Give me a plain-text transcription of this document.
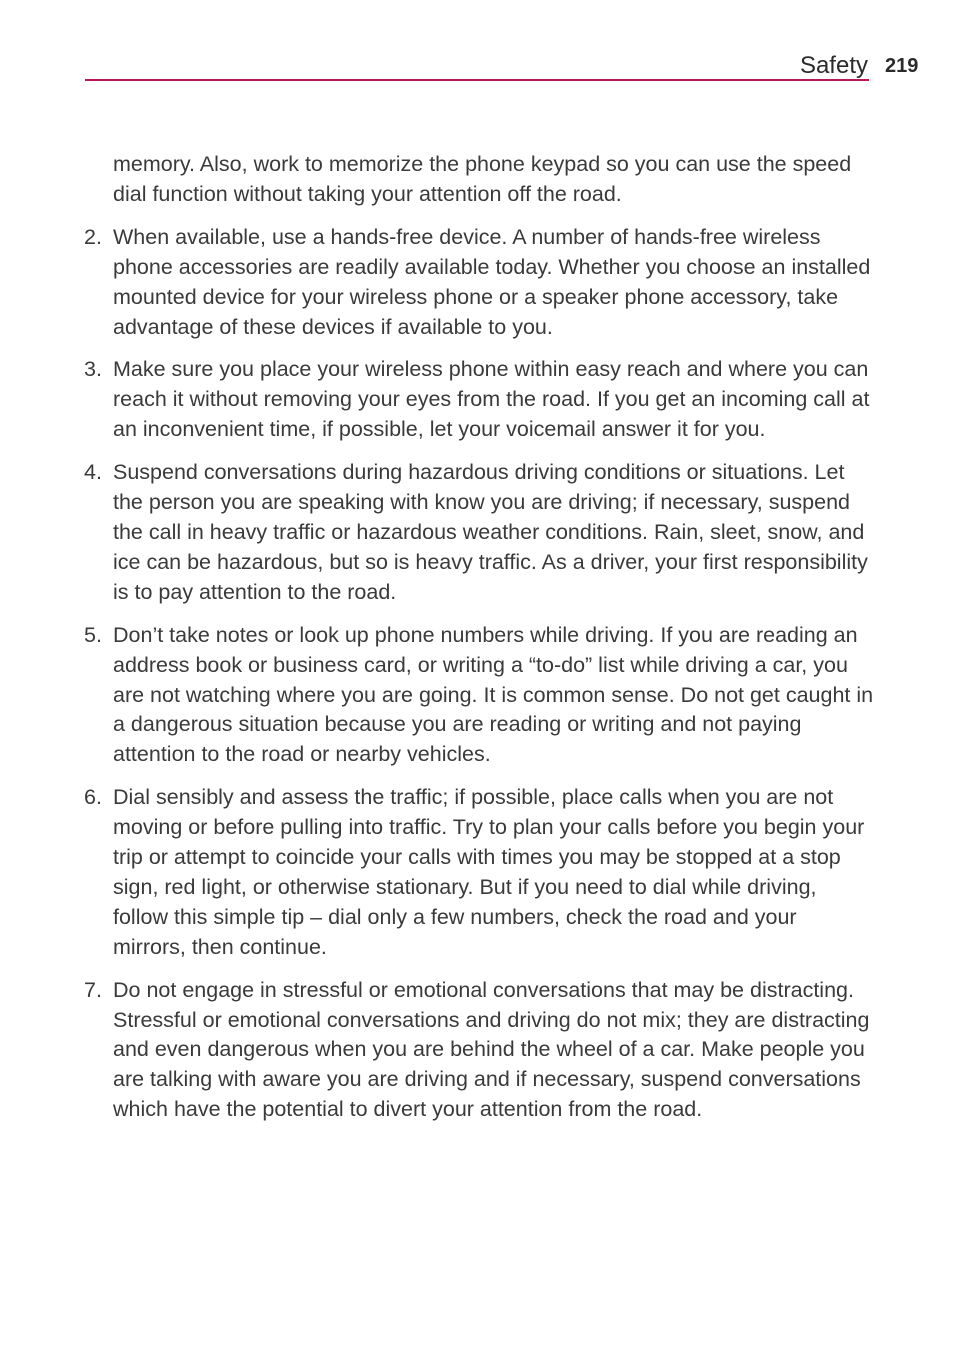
Safety 219
memory. Also, work to memorize the phone keypad so you can use the speed dial function without taking your attention off the road.
2. When available, use a hands-free device. A number of hands-free wireless phone accessories are readily available today. Whether you choose an installed mounted device for your wireless phone or a speaker phone accessory, take advantage of these devices if available to you.
3. Make sure you place your wireless phone within easy reach and where you can reach it without removing your eyes from the road. If you get an incoming call at an inconvenient time, if possible, let your voicemail answer it for you.
4. Suspend conversations during hazardous driving conditions or situations. Let the person you are speaking with know you are driving; if necessary, suspend the call in heavy traffic or hazardous weather conditions. Rain, sleet, snow, and ice can be hazardous, but so is heavy traffic. As a driver, your first responsibility is to pay attention to the road.
5. Don’t take notes or look up phone numbers while driving. If you are reading an address book or business card, or writing a “to-do” list while driving a car, you are not watching where you are going. It is common sense. Do not get caught in a dangerous situation because you are reading or writing and not paying attention to the road or nearby vehicles.
6. Dial sensibly and assess the traffic; if possible, place calls when you are not moving or before pulling into traffic. Try to plan your calls before you begin your trip or attempt to coincide your calls with times you may be stopped at a stop sign, red light, or otherwise stationary. But if you need to dial while driving, follow this simple tip – dial only a few numbers, check the road and your mirrors, then continue.
7. Do not engage in stressful or emotional conversations that may be distracting. Stressful or emotional conversations and driving do not mix; they are distracting and even dangerous when you are behind the wheel of a car. Make people you are talking with aware you are driving and if necessary, suspend conversations which have the potential to divert your attention from the road.
